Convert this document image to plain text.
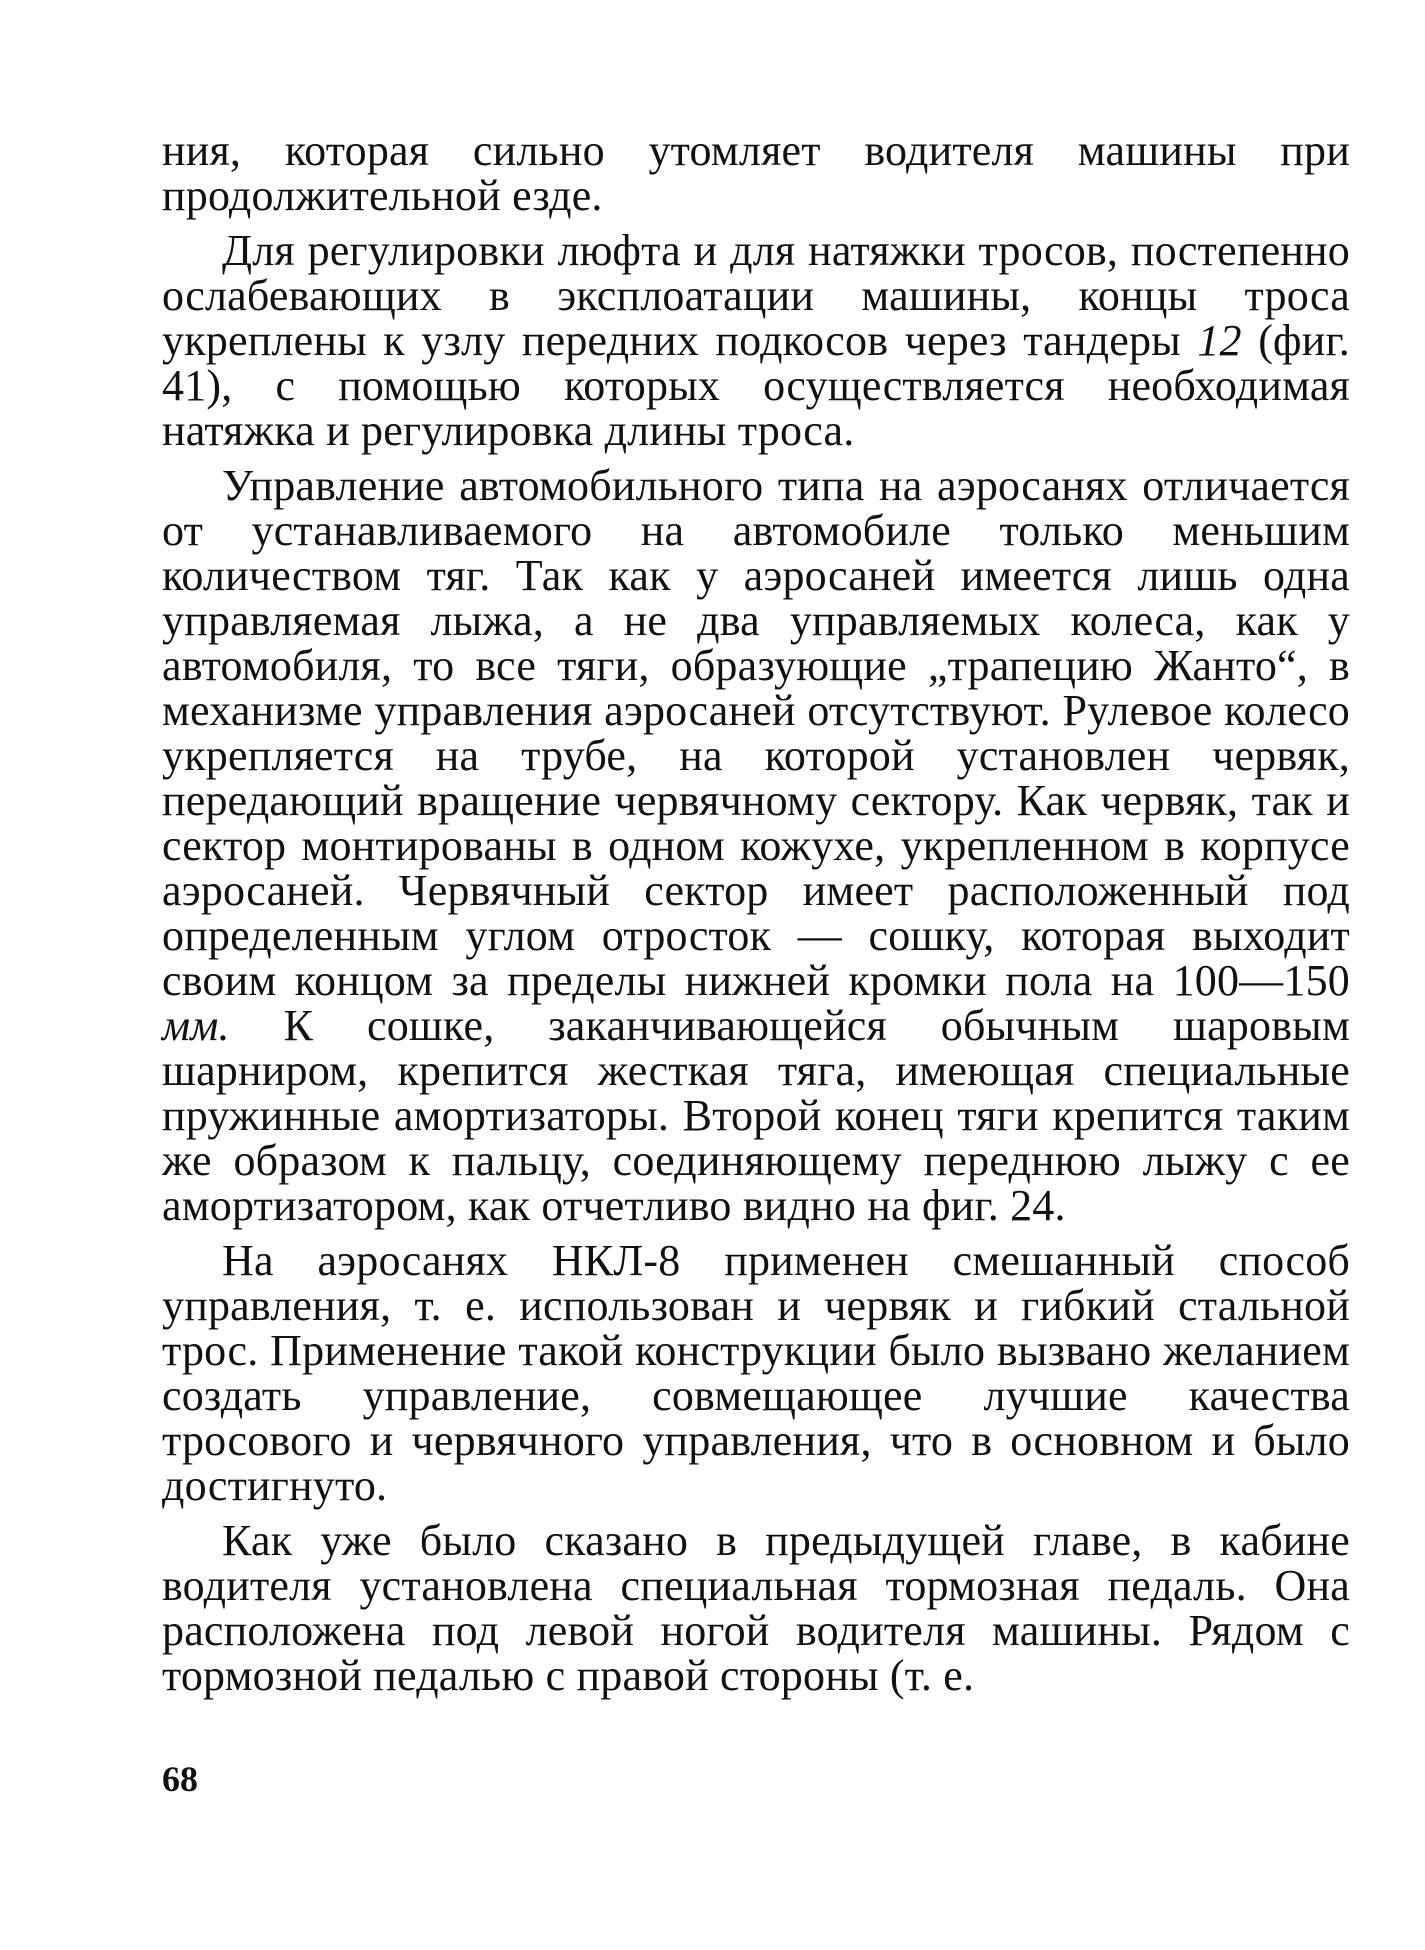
ния, которая сильно утомляет водителя машины при продолжительной езде.

Для регулировки люфта и для натяжки тросов, постепенно ослабевающих в эксплоатации машины, концы троса укреплены к узлу передних подкосов через тандеры 12 (фиг. 41), с помощью которых осуществляется необходимая натяжка и регулировка длины троса.

Управление автомобильного типа на аэросанях отличается от устанавливаемого на автомобиле только меньшим количеством тяг. Так как у аэросаней имеется лишь одна управляемая лыжа, а не два управляемых колеса, как у автомобиля, то все тяги, образующие „трапецию Жанто“, в механизме управления аэросаней отсутствуют. Рулевое колесо укрепляется на трубе, на которой установлен червяк, передающий вращение червячному сектору. Как червяк, так и сектор монтированы в одном кожухе, укрепленном в корпусе аэросаней. Червячный сектор имеет расположенный под определенным углом отросток — сошку, которая выходит своим концом за пределы нижней кромки пола на 100—150 мм. К сошке, заканчивающейся обычным шаровым шарниром, крепится жесткая тяга, имеющая специальные пружинные амортизаторы. Второй конец тяги крепится таким же образом к пальцу, соединяющему переднюю лыжу с ее амортизатором, как отчетливо видно на фиг. 24.

На аэросанях НКЛ-8 применен смешанный способ управления, т. е. использован и червяк и гибкий стальной трос. Применение такой конструкции было вызвано желанием создать управление, совмещающее лучшие качества тросового и червячного управления, что в основном и было достигнуто.

Как уже было сказано в предыдущей главе, в кабине водителя установлена специальная тормозная педаль. Она расположена под левой ногой водителя машины. Рядом с тормозной педалью с правой стороны (т. е.

68
